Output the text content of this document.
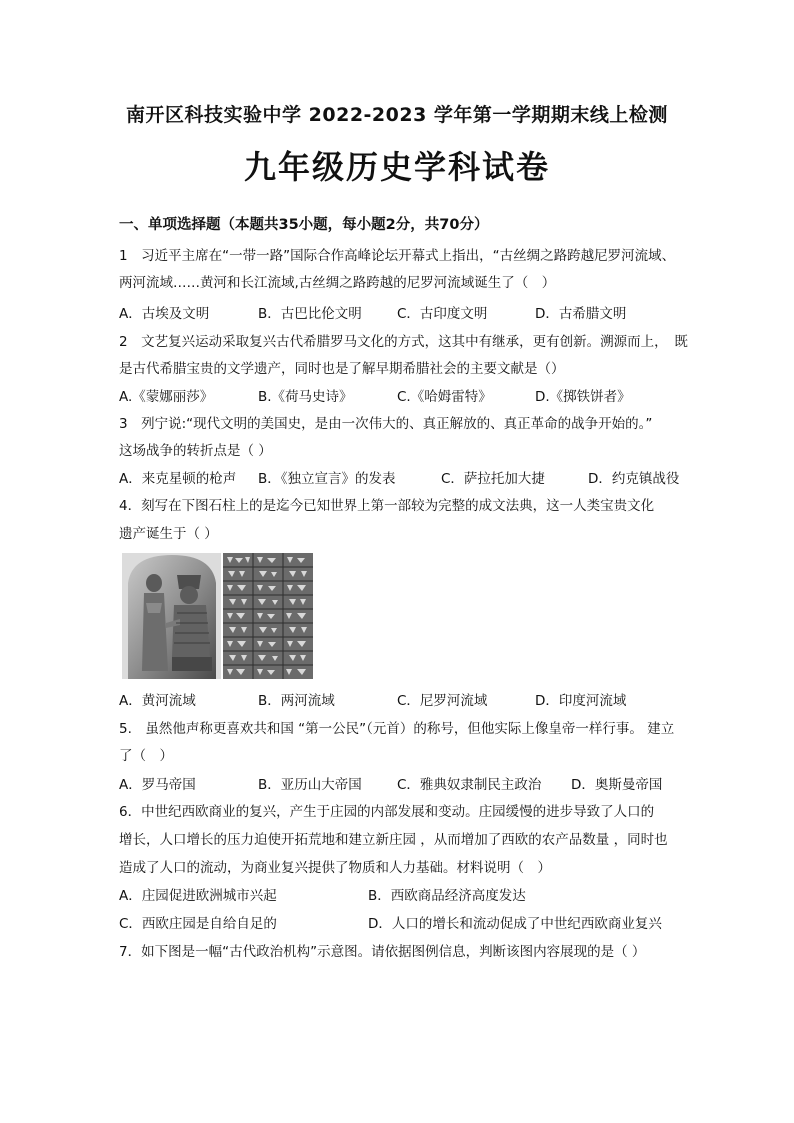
南开区科技实验中学 2022-2023 学年第一学期期末线上检测
九年级历史学科试卷
一、单项选择题（本题共35小题，每小题2分，共70分）
1　习近平主席在“一带一路”国际合作高峰论坛开幕式上指出，“古丝绸之路跨越尼罗河流域、
两河流域……黄河和长江流域,古丝绸之路跨越的尼罗河流域诞生了（　）
A．古埃及文明	B．古巴比伦文明	C．古印度文明	D．古希腊文明
2　文艺复兴运动采取复兴古代希腊罗马文化的方式，这其中有继承，更有创新。溯源而上，　既
是古代希腊宝贵的文学遗产，同时也是了解早期希腊社会的主要文献是（）
A.《蒙娜丽莎》	B.《荷马史诗》	C.《哈姆雷特》	D.《掷铁饼者》
3　列宁说:“现代文明的美国史，是由一次伟大的、真正解放的、真正革命的战争开始的。”
这场战争的转折点是（ ）
A．来克星顿的枪声 B．《独立宣言》的发表	C．萨拉托加大捷	D．约克镇战役
4．刻写在下图石柱上的是迄今已知世界上第一部较为完整的成文法典，这一人类宝贵文化
遗产诞生于（ ）
A．黄河流域	B．两河流域	C．尼罗河流域	D．印度河流域
5.　虽然他声称更喜欢共和国 “第一公民”（元首）的称号，但他实际上像皇帝一样行事。 建立
了（　）
A．罗马帝国	B．亚历山大帝国	C．雅典奴隶制民主政治 D．奥斯曼帝国
6．中世纪西欧商业的复兴，产生于庄园的内部发展和变动。庄园缓慢的进步导致了人口的
增长，人口增长的压力迫使开拓荒地和建立新庄园 ，从而增加了西欧的农产品数量 ，同时也
造成了人口的流动，为商业复兴提供了物质和人力基础。材料说明（　）
A．庄园促进欧洲城市兴起	B．西欧商品经济高度发达
C．西欧庄园是自给自足的	D．人口的增长和流动促成了中世纪西欧商业复兴
7．如下图是一幅“古代政治机构”示意图。请依据图例信息，判断该图内容展现的是（ ）
